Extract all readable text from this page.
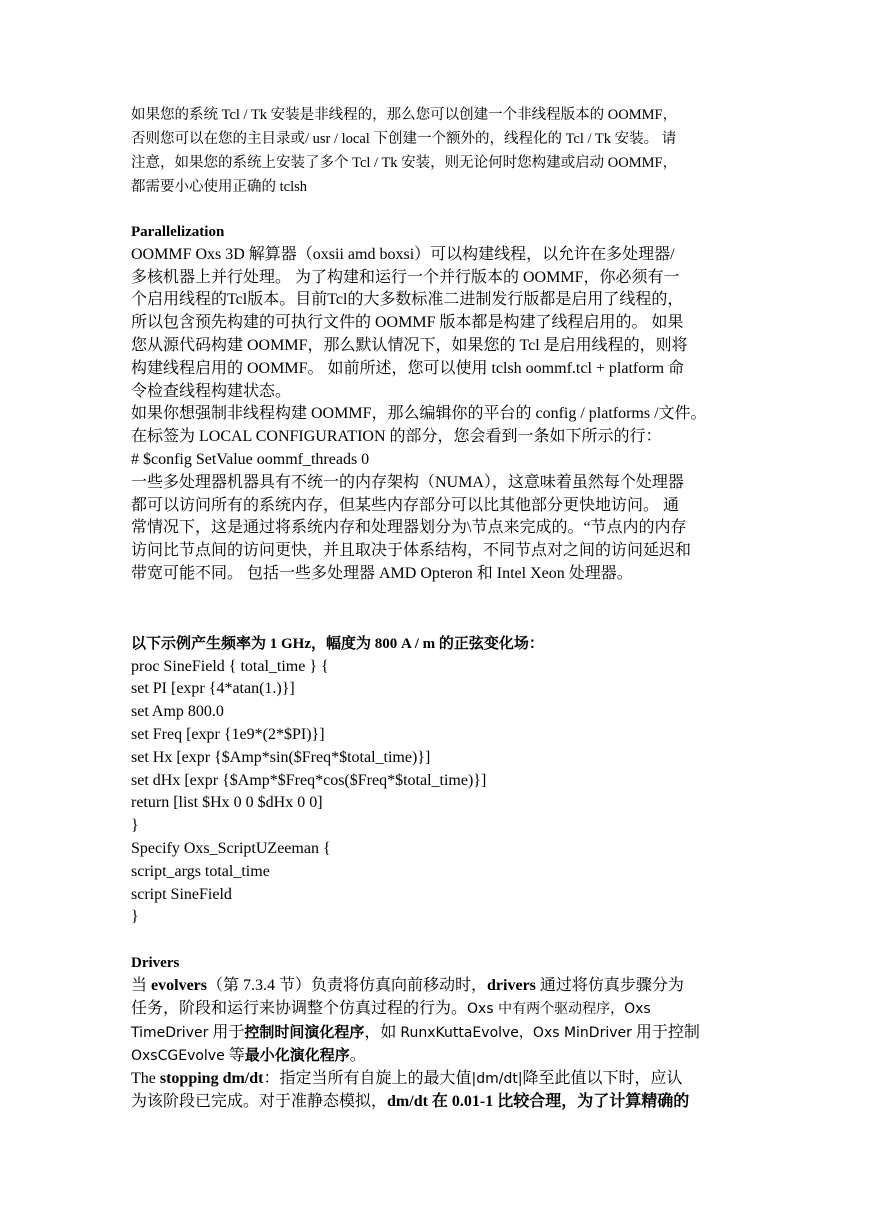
如果您的系统 Tcl / Tk 安装是非线程的，那么您可以创建一个非线程版本的 OOMMF，
否则您可以在您的主目录或/ usr / local 下创建一个额外的，线程化的 Tcl / Tk 安装。 请
注意，如果您的系统上安装了多个 Tcl / Tk 安装，则无论何时您构建或启动 OOMMF，
都需要小心使用正确的 tclsh
Parallelization
OOMMF Oxs 3D 解算器（oxsii amd boxsi）可以构建线程，以允许在多处理器/
多核机器上并行处理。 为了构建和运行一个并行版本的 OOMMF，你必须有一
个启用线程的Tcl版本。目前Tcl的大多数标准二进制发行版都是启用了线程的，
所以包含预先构建的可执行文件的 OOMMF 版本都是构建了线程启用的。 如果
您从源代码构建 OOMMF，那么默认情况下，如果您的 Tcl 是启用线程的，则将
构建线程启用的 OOMMF。 如前所述，您可以使用 tclsh oommf.tcl + platform 命
令检查线程构建状态。
如果你想强制非线程构建 OOMMF，那么编辑你的平台的 config / platforms /文件。
在标签为 LOCAL CONFIGURATION 的部分，您会看到一条如下所示的行：
# $config SetValue oommf_threads 0
一些多处理器机器具有不统一的内存架构（NUMA），这意味着虽然每个处理器
都可以访问所有的系统内存，但某些内存部分可以比其他部分更快地访问。 通
常情况下，这是通过将系统内存和处理器划分为\节点来完成的。“节点内的内存
访问比节点间的访问更快，并且取决于体系结构，不同节点对之间的访问延迟和
带宽可能不同。 包括一些多处理器 AMD Opteron 和 Intel Xeon 处理器。
以下示例产生频率为 1 GHz，幅度为 800 A / m 的正弦变化场：
proc SineField { total_time } {
set PI [expr {4*atan(1.)}]
set Amp 800.0
set Freq [expr {1e9*(2*$PI)}]
set Hx [expr {$Amp*sin($Freq*$total_time)}]
set dHx [expr {$Amp*$Freq*cos($Freq*$total_time)}]
return [list $Hx 0 0 $dHx 0 0]
}
Specify Oxs_ScriptUZeeman {
script_args total_time
script SineField
}
Drivers
当 evolvers（第 7.3.4 节）负责将仿真向前移动时，drivers 通过将仿真步骤分为
任务，阶段和运行来协调整个仿真过程的行为。Oxs 中有两个驱动程序，Oxs
TimeDriver 用于控制时间演化程序，如 RunxKuttaEvolve，Oxs MinDriver 用于控制
OxsCGEvolve 等最小化演化程序。
The stopping dm/dt：指定当所有自旋上的最大值|dm/dt|降至此值以下时，应认
为该阶段已完成。对于准静态模拟，dm/dt 在 0.01-1 比较合理，为了计算精确的
